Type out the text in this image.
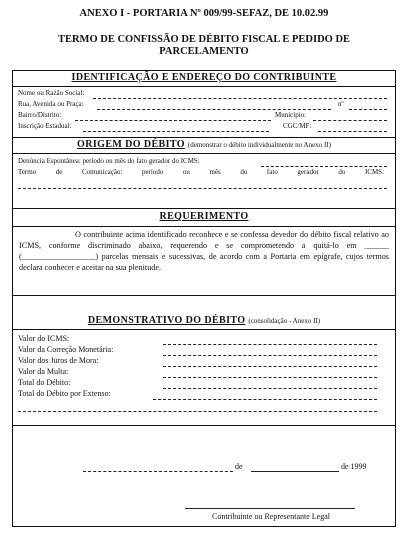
ANEXO I - PORTARIA Nº 009/99-SEFAZ, DE 10.02.99
TERMO DE CONFISSÃO DE DÉBITO FISCAL E PEDIDO DE
PARCELAMENTO
IDENTIFICAÇÃO E ENDEREÇO DO CONTRIBUINTE
Nome ou Razão Social:
Rua, Avenida ou Praça:	nº
Bairro/Distrito:	Município:
Inscrição Estadual:	CGC/MF:
ORIGEM DO DÉBITO (demonstrar o débito individualmente no Anexo II)
Denúncia Espontânea: período ou mês do fato gerador do ICMS:
Termo de Comunicação: período ou mês do fato gerador do ICMS:
REQUERIMENTO
O contribuinte acima identificado reconhece e se confessa devedor do débito fiscal relativo ao ICMS, conforme discriminado abaixo, requerendo e se comprometendo a quitá-lo em ______ (__________________) parcelas mensais e sucessivas, de acordo com a Portaria em epígrafe, cujos termos declara conhecer e aceitar na sua plenitude.
DEMONSTRATIVO DO DÉBITO (consolidação - Anexo II)
Valor do ICMS:
Valor da Correção Monetária:
Valor dos Juros de Mora:
Valor da Multa:
Total do Débito:
Total do Débito por Extenso:
de	de 1999
Contribuinte ou Representante Legal
